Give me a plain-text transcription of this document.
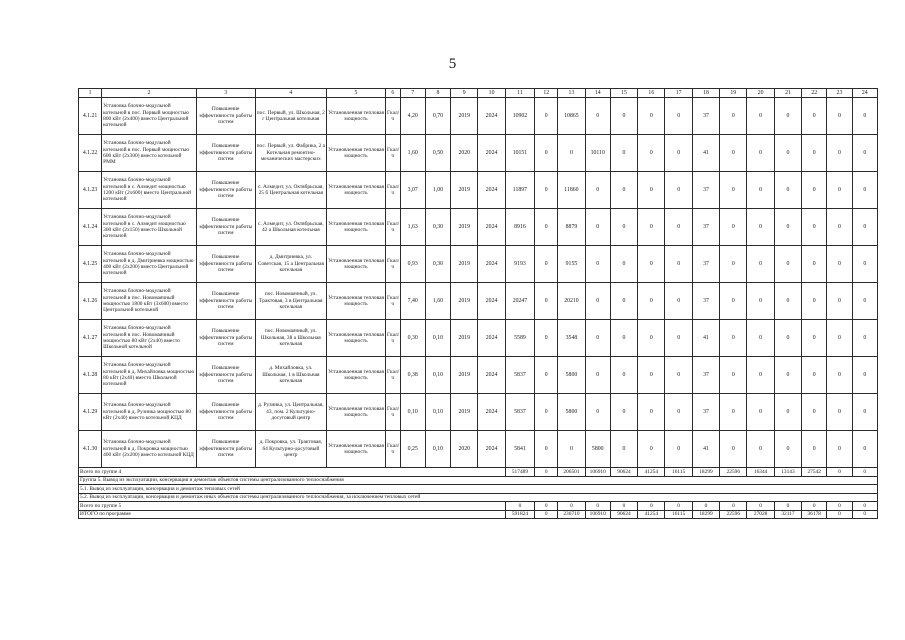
5
1	2	3	4	5	6	7	8	9	10	11	12	13	14	15	16	17	18	19	20	21	22	23	24
4.1.21	Установка блочно-модульной котельной в пос. Первый мощностью 800 кВт (2x400) вместо Центральной котельной	Повышение эффективности работы систем	пос. Первый, ул. Школьная, 2 г Центральная котельная	Установленная тепловая мощность	Гкал/ч	4,20	0,70	2019	2024	10902	0	10865	0	0	0	0	37	0	0	0	0	0	0
4.1.22	Установка блочно-модульной котельной в пос. Первый мощностью 600 кВт (2x300) вместо котельной РММ	Повышение эффективности работы систем	пос. Первый, ул. Фабрика, 2 а Котельная ремонтно-механических мастерских	Установленная тепловая мощность	Гкал/ч	1,60	0,50	2020	2024	10151	0	0	10110	0	0	0	41	0	0	0	0	0	0
4.1.23	Установка блочно-модульной котельной в с. Алмедит мощностью 1200 кВт (2x600) вместо Центральной котельной	Повышение эффективности работы систем	с. Алмедит, ул. Октябрьская, 25 б Центральная котельная	Установленная тепловая мощность	Гкал/ч	3,07	1,00	2019	2024	11897	0	11860	0	0	0	0	37	0	0	0	0	0	0
4.1.24	Установка блочно-модульной котельной в с. Алмедит мощностью 300 кВт (2x150) вместо Школьной котельной	Повышение эффективности работы систем	с. Алмедит, ул. Октябрьская, 42 а Школьная котельная	Установленная тепловая мощность	Гкал/ч	1,63	0,30	2019	2024	8916	0	8879	0	0	0	0	37	0	0	0	0	0	0
4.1.25	Установка блочно-модульной котельной в д. Дмитриевка мощностью 400 кВт (2x200) вместо Центральной котельной	Повышение эффективности работы систем	д. Дмитриевка, ул. Советская, 15 а Центральная котельная	Установленная тепловая мощность	Гкал/ч	0,93	0,30	2019	2024	9193	0	9155	0	0	0	0	37	0	0	0	0	0	0
4.1.26	Установка блочно-модульной котельной в пос. Новомаячный мощностью 1800 кВт (3x600) вместо Центральной котельной	Повышение эффективности работы систем	пос. Новомаячный, ул. Трактовая, 3 в Центральная котельная	Установленная тепловая мощность	Гкал/ч	7,40	1,60	2019	2024	20247	0	20210	0	0	0	0	37	0	0	0	0	0	0
4.1.27	Установка блочно-модульной котельной в пос. Новомаячный мощностью 80 кВт (2x40) вместо Школьной котельной	Повышение эффективности работы систем	пос. Новомаячный, ул. Школьная, 38 а Школьная котельная	Установленная тепловая мощность	Гкал/ч	0,30	0,10	2019	2024	5589	0	3548	0	0	0	0	41	0	0	0	0	0	0
4.1.28	Установка блочно-модульной котельной в д. Михайловка мощностью 80 кВт (2x40) вместо Школьной котельной	Повышение эффективности работы систем	д. Михайловка, ул. Школьная, 1 в Школьная котельная	Установленная тепловая мощность	Гкал/ч	0,38	0,10	2019	2024	5837	0	5800	0	0	0	0	37	0	0	0	0	0	0
4.1.29	Установка блочно-модульной котельной в д. Рузинка мощностью 80 кВт (2x40) вместо котельной КЦД	Повышение эффективности работы систем	д. Рузинка, ул. Центральная, 43, пом. 2 Культурно-досуговый центр	Установленная тепловая мощность	Гкал/ч	0,10	0,10	2019	2024	5837	0	5800	0	0	0	0	37	0	0	0	0	0	0
4.1.30	Установка блочно-модульной котельной в д. Покровка мощностью 400 кВт (2x200) вместо котельной КЦД	Повышение эффективности работы систем	д. Покровка, ул. Трактовая, 64 Культурно-досуговый центр	Установленная тепловая мощность	Гкал/ч	0,25	0,10	2020	2024	5841	0	0	5800	0	0	0	41	0	0	0	0	0	0
Всего по группе 4										517489	0	206501	106910	90624	41254	16115	18299	22596	16344	13143	27542	0	0
Группа 5. Вывод из эксплуатации, консервация и демонтаж объектов системы централизованного теплоснабжения																							
5.1. Вывод из эксплуатации, консервация и демонтаж тепловых сетей																							
5.2. Вывод из эксплуатации, консервация и демонтаж иных объектов системы централизованного теплоснабжения, за исключением тепловых сетей																							
Всего по группе 5										0	0	0	0	0	0	0	0	0	0	0	0	0	0
ИТОГО по программе										591824	0	236710	106910	90624	41254	16115	18299	22596	27028	32117	36178	0	0
